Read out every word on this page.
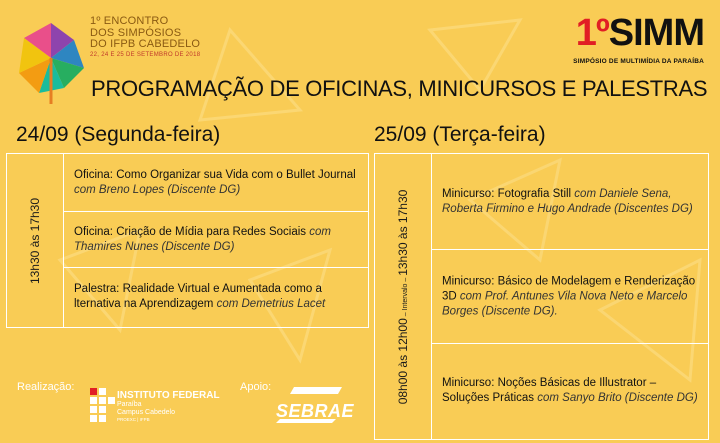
1º ENCONTRO
DOS SIMPÓSIOS
DO IFPB CABEDELO
22, 24 E 25 DE SETEMBRO DE 2018
1ºSIMM
SIMPÓSIO DE MULTIMÍDIA DA PARAÍBA
PROGRAMAÇÃO DE OFICINAS, MINICURSOS E PALESTRAS
24/09 (Segunda-feira)	25/09 (Terça-feira)
13h30 às 17h30
Oficina: Como Organizar sua Vida com o Bullet Journal com Breno Lopes (Discente DG)
Oficina: Criação de Mídia para Redes Sociais com Thamires Nunes (Discente DG)
Palestra: Realidade Virtual e Aumentada como a lternativa na Aprendizagem com Demetrius Lacet
08h00 às 12h00 – Intervalo – 13h30 às 17h30	Minicurso: Fotografia Still com Daniele Sena, Roberta Firmino e Hugo Andrade (Discentes DG)
Minicurso: Básico de Modelagem e Renderização 3D com Prof. Antunes Vila Nova Neto e Marcelo Borges (Discente DG).
Minicurso: Noções Básicas de Illustrator – Soluções Práticas com Sanyo Brito (Discente DG)
Realização:	Apoio:
INSTITUTO FEDERAL
Paraíba
Campus Cabedelo
PROEXC | IFPB	SEBRAE
